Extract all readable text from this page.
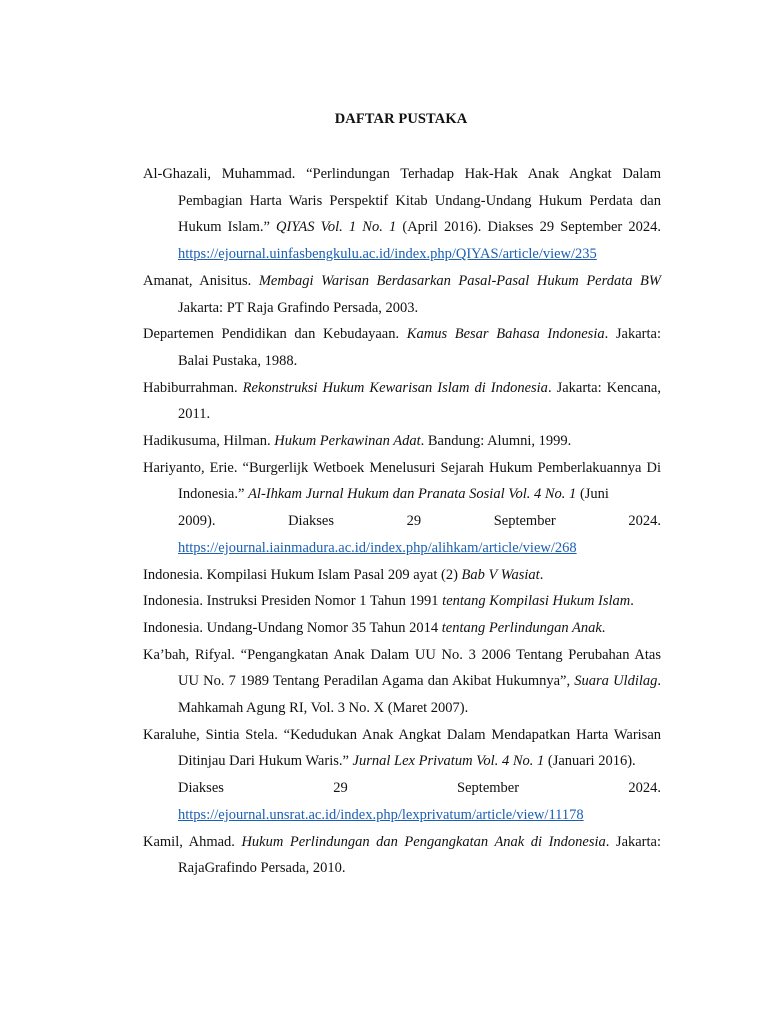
DAFTAR PUSTAKA

Al-Ghazali, Muhammad. “Perlindungan Terhadap Hak-Hak Anak Angkat Dalam Pembagian Harta Waris Perspektif Kitab Undang-Undang Hukum Perdata dan Hukum Islam.” QIYAS Vol. 1 No. 1 (April 2016). Diakses 29 September 2024. https://ejournal.uinfasbengkulu.ac.id/index.php/QIYAS/article/view/235

Amanat, Anisitus. Membagi Warisan Berdasarkan Pasal-Pasal Hukum Perdata BW Jakarta: PT Raja Grafindo Persada, 2003.

Departemen Pendidikan dan Kebudayaan. Kamus Besar Bahasa Indonesia. Jakarta: Balai Pustaka, 1988.

Habiburrahman. Rekonstruksi Hukum Kewarisan Islam di Indonesia. Jakarta: Kencana, 2011.

Hadikusuma, Hilman. Hukum Perkawinan Adat. Bandung: Alumni, 1999.

Hariyanto, Erie. “Burgerlijk Wetboek Menelusuri Sejarah Hukum Pemberlakuannya Di Indonesia.” Al-Ihkam Jurnal Hukum dan Pranata Sosial Vol. 4 No. 1 (Juni
2009).	Diakses	29	September	2024.
https://ejournal.iainmadura.ac.id/index.php/alihkam/article/view/268

Indonesia. Kompilasi Hukum Islam Pasal 209 ayat (2) Bab V Wasiat.

Indonesia. Instruksi Presiden Nomor 1 Tahun 1991 tentang Kompilasi Hukum Islam.

Indonesia. Undang-Undang Nomor 35 Tahun 2014 tentang Perlindungan Anak.

Ka’bah, Rifyal. “Pengangkatan Anak Dalam UU No. 3 2006 Tentang Perubahan Atas UU No. 7 1989 Tentang Peradilan Agama dan Akibat Hukumnya”, Suara Uldilag. Mahkamah Agung RI, Vol. 3 No. X (Maret 2007).

Karaluhe, Sintia Stela. “Kedudukan Anak Angkat Dalam Mendapatkan Harta Warisan Ditinjau Dari Hukum Waris.” Jurnal Lex Privatum Vol. 4 No. 1 (Januari 2016).
Diakses	29	September	2024.
https://ejournal.unsrat.ac.id/index.php/lexprivatum/article/view/11178

Kamil, Ahmad. Hukum Perlindungan dan Pengangkatan Anak di Indonesia. Jakarta: RajaGrafindo Persada, 2010.
